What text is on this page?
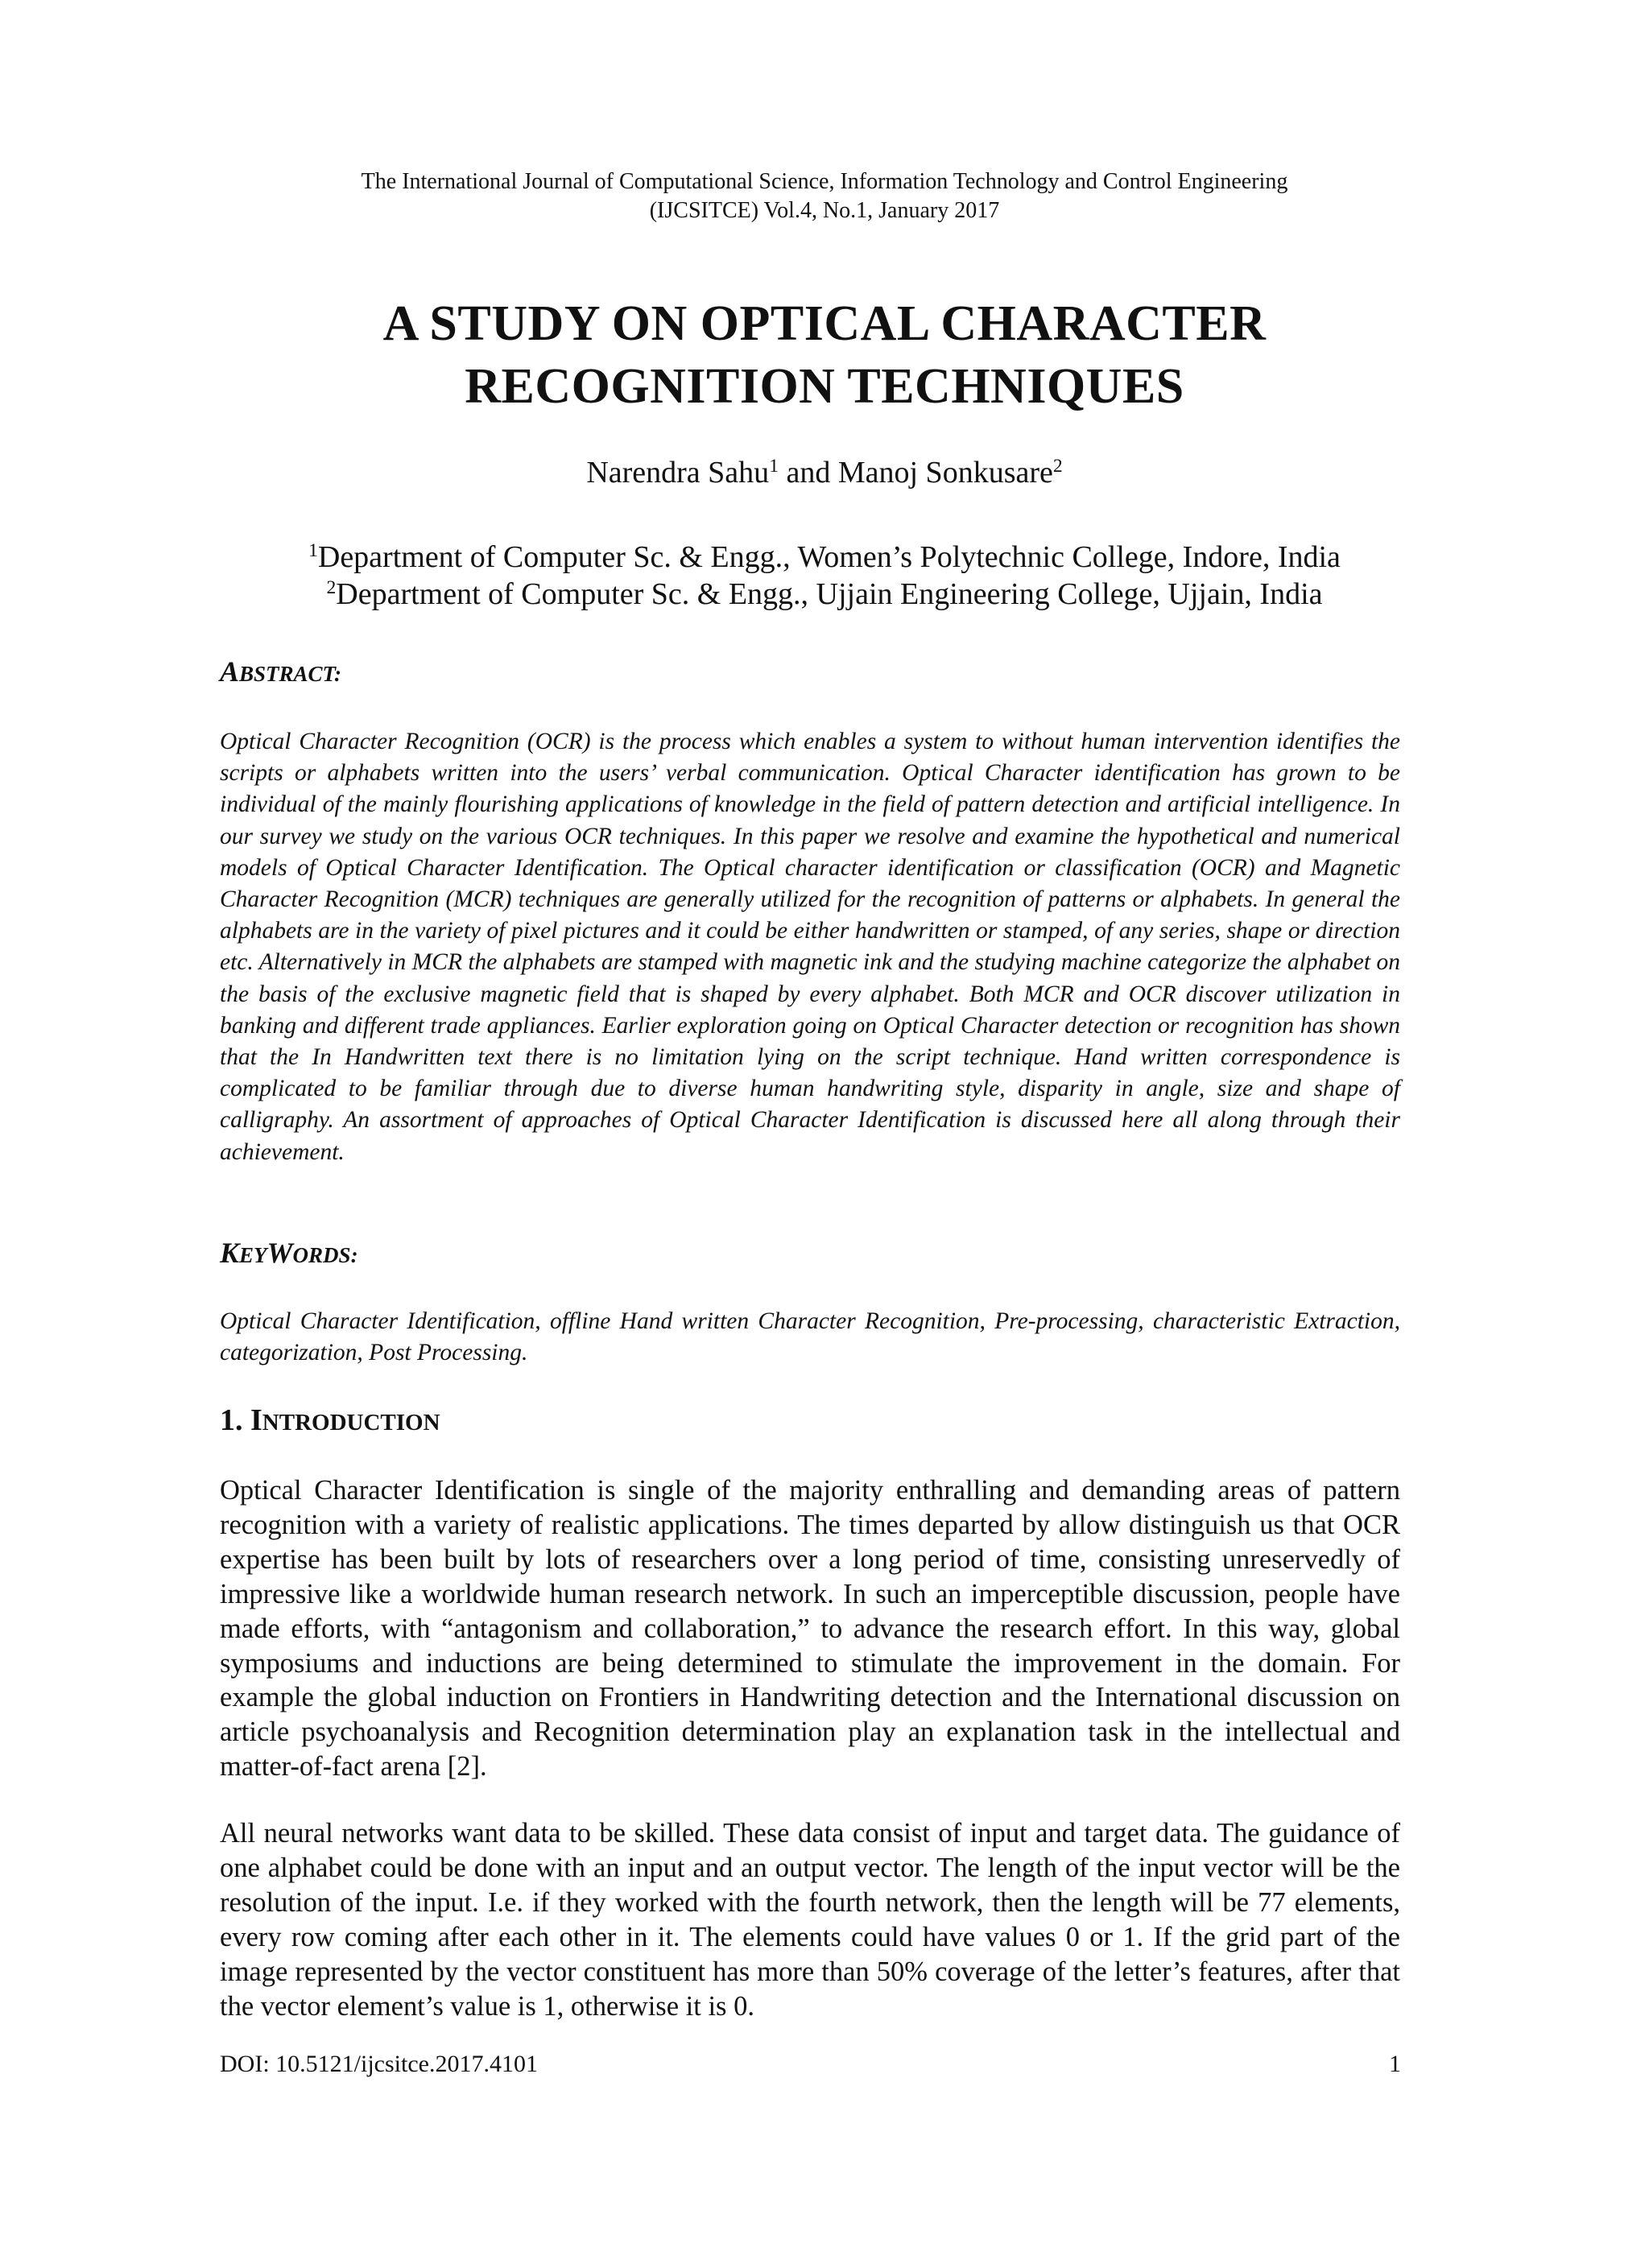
The International Journal of Computational Science, Information Technology and Control Engineering
(IJCSITCE) Vol.4, No.1, January 2017
A STUDY ON OPTICAL CHARACTER
RECOGNITION TECHNIQUES
Narendra Sahu$^1$ and Manoj Sonkusare$^2$
$^1$Department of Computer Sc. & Engg., Women’s Polytechnic College, Indore, India
$^2$Department of Computer Sc. & Engg., Ujjain Engineering College, Ujjain, India
ABSTRACT:

Optical Character Recognition (OCR) is the process which enables a system to without human intervention identifies the scripts or alphabets written into the users’ verbal communication. Optical Character identification has grown to be individual of the mainly flourishing applications of knowledge in the field of pattern detection and artificial intelligence. In our survey we study on the various OCR techniques. In this paper we resolve and examine the hypothetical and numerical models of Optical Character Identification. The Optical character identification or classification (OCR) and Magnetic Character Recognition (MCR) techniques are generally utilized for the recognition of patterns or alphabets. In general the alphabets are in the variety of pixel pictures and it could be either handwritten or stamped, of any series, shape or direction etc. Alternatively in MCR the alphabets are stamped with magnetic ink and the studying machine categorize the alphabet on the basis of the exclusive magnetic field that is shaped by every alphabet. Both MCR and OCR discover utilization in banking and different trade appliances. Earlier exploration going on Optical Character detection or recognition has shown that the In Handwritten text there is no limitation lying on the script technique. Hand written correspondence is complicated to be familiar through due to diverse human handwriting style, disparity in angle, size and shape of calligraphy. An assortment of approaches of Optical Character Identification is discussed here all along through their achievement.

KEYWORDS:

Optical Character Identification, offline Hand written Character Recognition, Pre-processing, characteristic Extraction, categorization, Post Processing.

1. INTRODUCTION

Optical Character Identification is single of the majority enthralling and demanding areas of pattern recognition with a variety of realistic applications. The times departed by allow distinguish us that OCR expertise has been built by lots of researchers over a long period of time, consisting unreservedly of impressive like a worldwide human research network. In such an imperceptible discussion, people have made efforts, with “antagonism and collaboration,” to advance the research effort. In this way, global symposiums and inductions are being determined to stimulate the improvement in the domain. For example the global induction on Frontiers in Handwriting detection and the International discussion on article psychoanalysis and Recognition determination play an explanation task in the intellectual and matter-of-fact arena [2].

All neural networks want data to be skilled. These data consist of input and target data. The guidance of one alphabet could be done with an input and an output vector. The length of the input vector will be the resolution of the input. I.e. if they worked with the fourth network, then the length will be 77 elements, every row coming after each other in it. The elements could have values 0 or 1. If the grid part of the image represented by the vector constituent has more than 50% coverage of the letter’s features, after that the vector element’s value is 1, otherwise it is 0.

DOI: 10.5121/ijcsitce.2017.4101	1
